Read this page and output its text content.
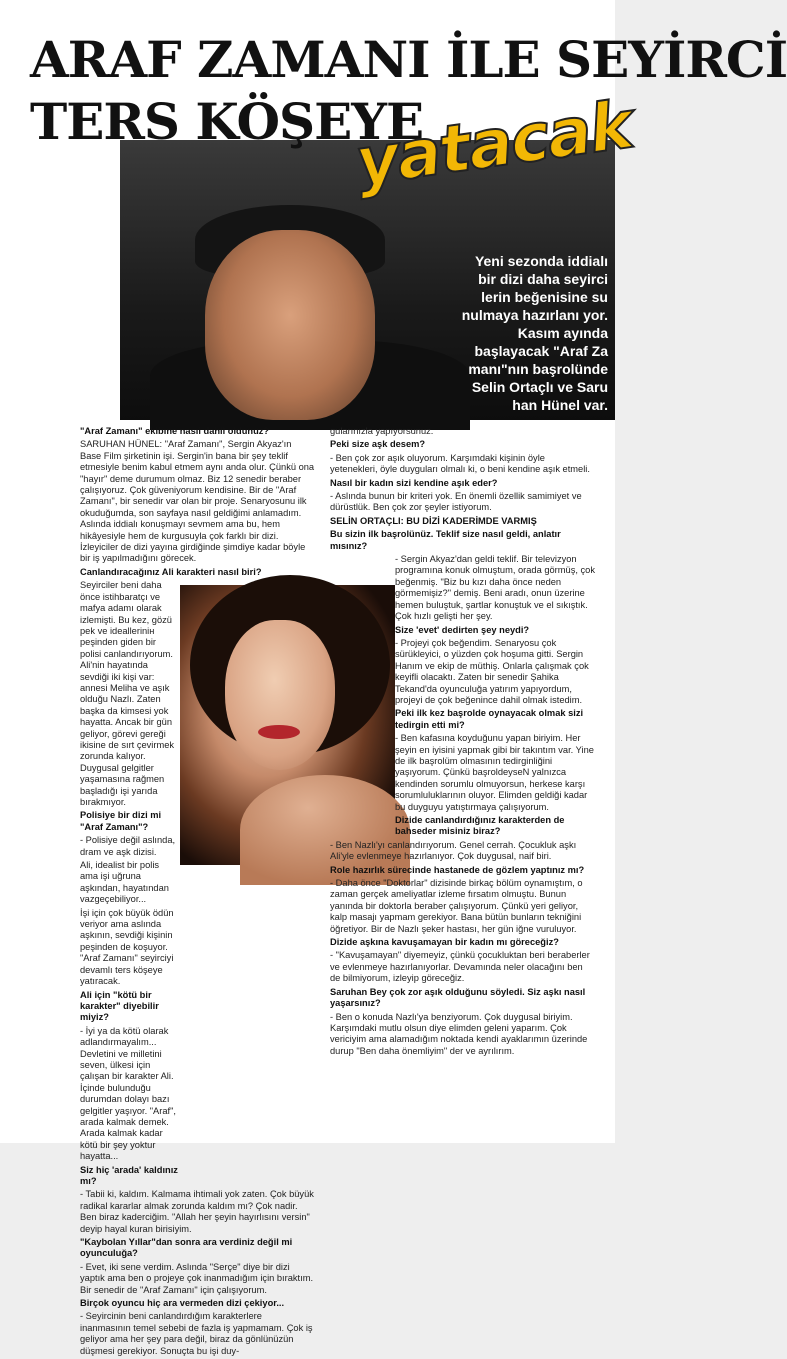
ARAF ZAMANI İLE SEYİRCİ
TERS KÖŞEYE
yatacak
Yeni sezonda iddialı bir dizi daha seyirci lerin beğenisine su nulmaya hazırlanı yor. Kasım ayında başlayacak "Araf Za manı"nın başrolünde Selin Ortaçlı ve Saru han Hünel var.

"Araf Zamanı" ekibine nasıl dahil oldunuz?

SARUHAN HÜNEL: "Araf Zamanı", Sergin Akyaz'ın Base Film şirketinin işi. Sergin'in bana bir şey teklif etmesiyle benim kabul etmem aynı anda olur. Çünkü ona "hayır" deme durumum olmaz. Biz 12 senedir beraber çalışıyoruz. Çok güveniyorum kendisine. Bir de "Araf Zamanı", bir senedir var olan bir proje. Senaryosunu ilk okuduğumda, son sayfaya nasıl geldiğimi anlamadım. Aslında iddialı konuşmayı sevmem ama bu, hem hikâyesiyle hem de kurgusuyla çok farklı bir dizi. İzleyiciler de dizi yayına girdiğinde şimdiye kadar böyle bir iş yapılmadığını görecek.

Canlandıracağınız Ali karakteri nasıl biri?

Seyirciler beni daha önce istihbaratçı ve mafya adamı olarak izlemişti. Bu kez, gözü pek ve idealleriniн peşinden giden bir polisi canlandırıyorum. Ali'nin hayatında sevdiği iki kişi var: annesi Meliha ve aşık olduğu Nazlı. Zaten başka da kimsesi yok hayatta. Ancak bir gün geliyor, görevi gereği ikisine de sırt çevirmek zorunda kalıyor. Duygusal gelgitler yaşamasına rağmen başladığı işi yarıda bırakmıyor.

Polisiye bir dizi mi "Araf Zamanı"?

- Polisiye değil aslında, dram ve aşk dizisi.

Ali, idealist bir polis ama işi uğruna aşkından, hayatından vazgeçebiliyor...

İşi için çok büyük ödün veriyor ama aslında aşkının, sevdiği kişinin peşinden de koşuyor. "Araf Zamanı" seyirciyi devamlı ters köşeye yatıracak.

Ali için "kötü bir karakter" diyebilir miyiz?

- İyi ya da kötü olarak adlandırmayalım... Devletini ve milletini seven, ülkesi için çalışan bir karakter Ali. İçinde bulunduğu durumdan dolayı bazı gelgitler yaşıyor. "Araf", arada kalmak demek. Arada kalmak kadar kötü bir şey yoktur hayatta...

Siz hiç 'arada' kaldınız mı?

- Tabii ki, kaldım. Kalmama ihtimali yok zaten. Çok büyük radikal kararlar almak zorunda kaldım mı? Çok nadir. Ben biraz kaderciğim. "Allah her şeyin hayırlısını versin" deyip hayal kuran birisiyim.

"Kaybolan Yıllar"dan sonra ara verdiniz değil mi oyunculuğa?

- Evet, iki sene verdim. Aslında "Serçe" diye bir dizi yaptık ama ben o projeye çok inanmadığım için bıraktım. Bir senedir de "Araf Zamanı" için çalışıyorum.

Birçok oyuncu hiç ara vermeden dizi çekiyor...

- Seyircinin beni canlandırdığım karakterlere inanmasının temel sebebi de fazla iş yapmamam. Çok iş geliyor ama her şey para değil, biraz da gönlünüzün düşmesi gerekiyor. Sonuçta bu işi duy-

gularınızla yapıyorsunuz.

Peki size aşk desem?

- Ben çok zor aşık oluyorum. Karşımdaki kişinin öyle yetenekleri, öyle duyguları olmalı ki, o beni kendine aşık etmeli.

Nasıl bir kadın sizi kendine aşık eder?

- Aslında bunun bir kriteri yok. En önemli özellik samimiyet ve dürüstlük. Ben çok zor şeyler istiyorum.

SELİN ORTAÇLI: BU DİZİ KADERİMDE VARMIŞ

Bu sizin ilk başrolünüz. Teklif size nasıl geldi, anlatır mısınız?

- Sergin Akyaz'dan geldi teklif. Bir televizyon programına konuk olmuştum, orada görmüş, çok beğenmiş. "Biz bu kızı daha önce neden görmemişiz?" demiş. Beni aradı, onun üzerine hemen buluştuk, şartlar konuştuk ve el sıkıştık. Çok hızlı gelişti her şey.

Size 'evet' dedirten şey neydi?

- Projeyi çok beğendim. Senaryosu çok sürükleyici, o yüzden çok hoşuma gitti. Sergin Hanım ve ekip de müthiş. Onlarla çalışmak çok keyifli olacaktı. Zaten bir senedir Şahika Tekand'da oyunculuğa yatırım yapıyordum, projeyi de çok beğenince dahil olmak istedim.

Peki ilk kez başrolde oynayacak olmak sizi tedirgin etti mi?

- Ben kafasına koyduğunu yapan biriyim. Her şeyin en iyisini yapmak gibi bir takıntım var. Yine de ilk başrolüm olmasının tedirginliğini yaşıyorum. Çünkü başroldeyseN yalnızca kendinden sorumlu olmuyorsun, herkese karşı sorumluluklarının oluyor. Elimden geldiği kadar bu duyguyu yatıştırmaya çalışıyorum.

Dizide canlandırdığınız karakterden de bahseder misiniz biraz?

- Ben Nazlı'yı canlandırıyorum. Genel cerrah. Çocukluk aşkı Ali'yle evlenmeye hazırlanıyor. Çok duygusal, naif biri.

Role hazırlık sürecinde hastanede de gözlem yaptınız mı?

- Daha önce "Doktorlar" dizisinde birkaç bölüm oynamıştım, o zaman gerçek ameliyatlar izleme fırsatım olmuştu. Bunun yanında bir doktorla beraber çalışıyorum. Çünkü yeri geliyor, kalp masajı yapmam gerekiyor. Bana bütün bunların tekniğini öğretiyor. Bir de Nazlı şeker hastası, her gün iğne vuruluyor.

Dizide aşkına kavuşamayan bir kadın mı göreceğiz?

- "Kavuşamayan" diyemeyiz, çünkü çocukluktan beri beraberler ve evlenmeye hazırlanıyorlar. Devamında neler olacağını ben de bilmiyorum, izleyip göreceğiz.

Saruhan Bey çok zor aşık olduğunu söyledi. Siz aşkı nasıl yaşarsınız?

- Ben o konuda Nazlı'ya benziyorum. Çok duygusal biriyim. Karşımdaki mutlu olsun diye elimden geleni yaparım. Çok vericiyim ama alamadığım noktada kendi ayaklarımın üzerinde durup "Ben daha önemliyim" der ve ayrılırım.
